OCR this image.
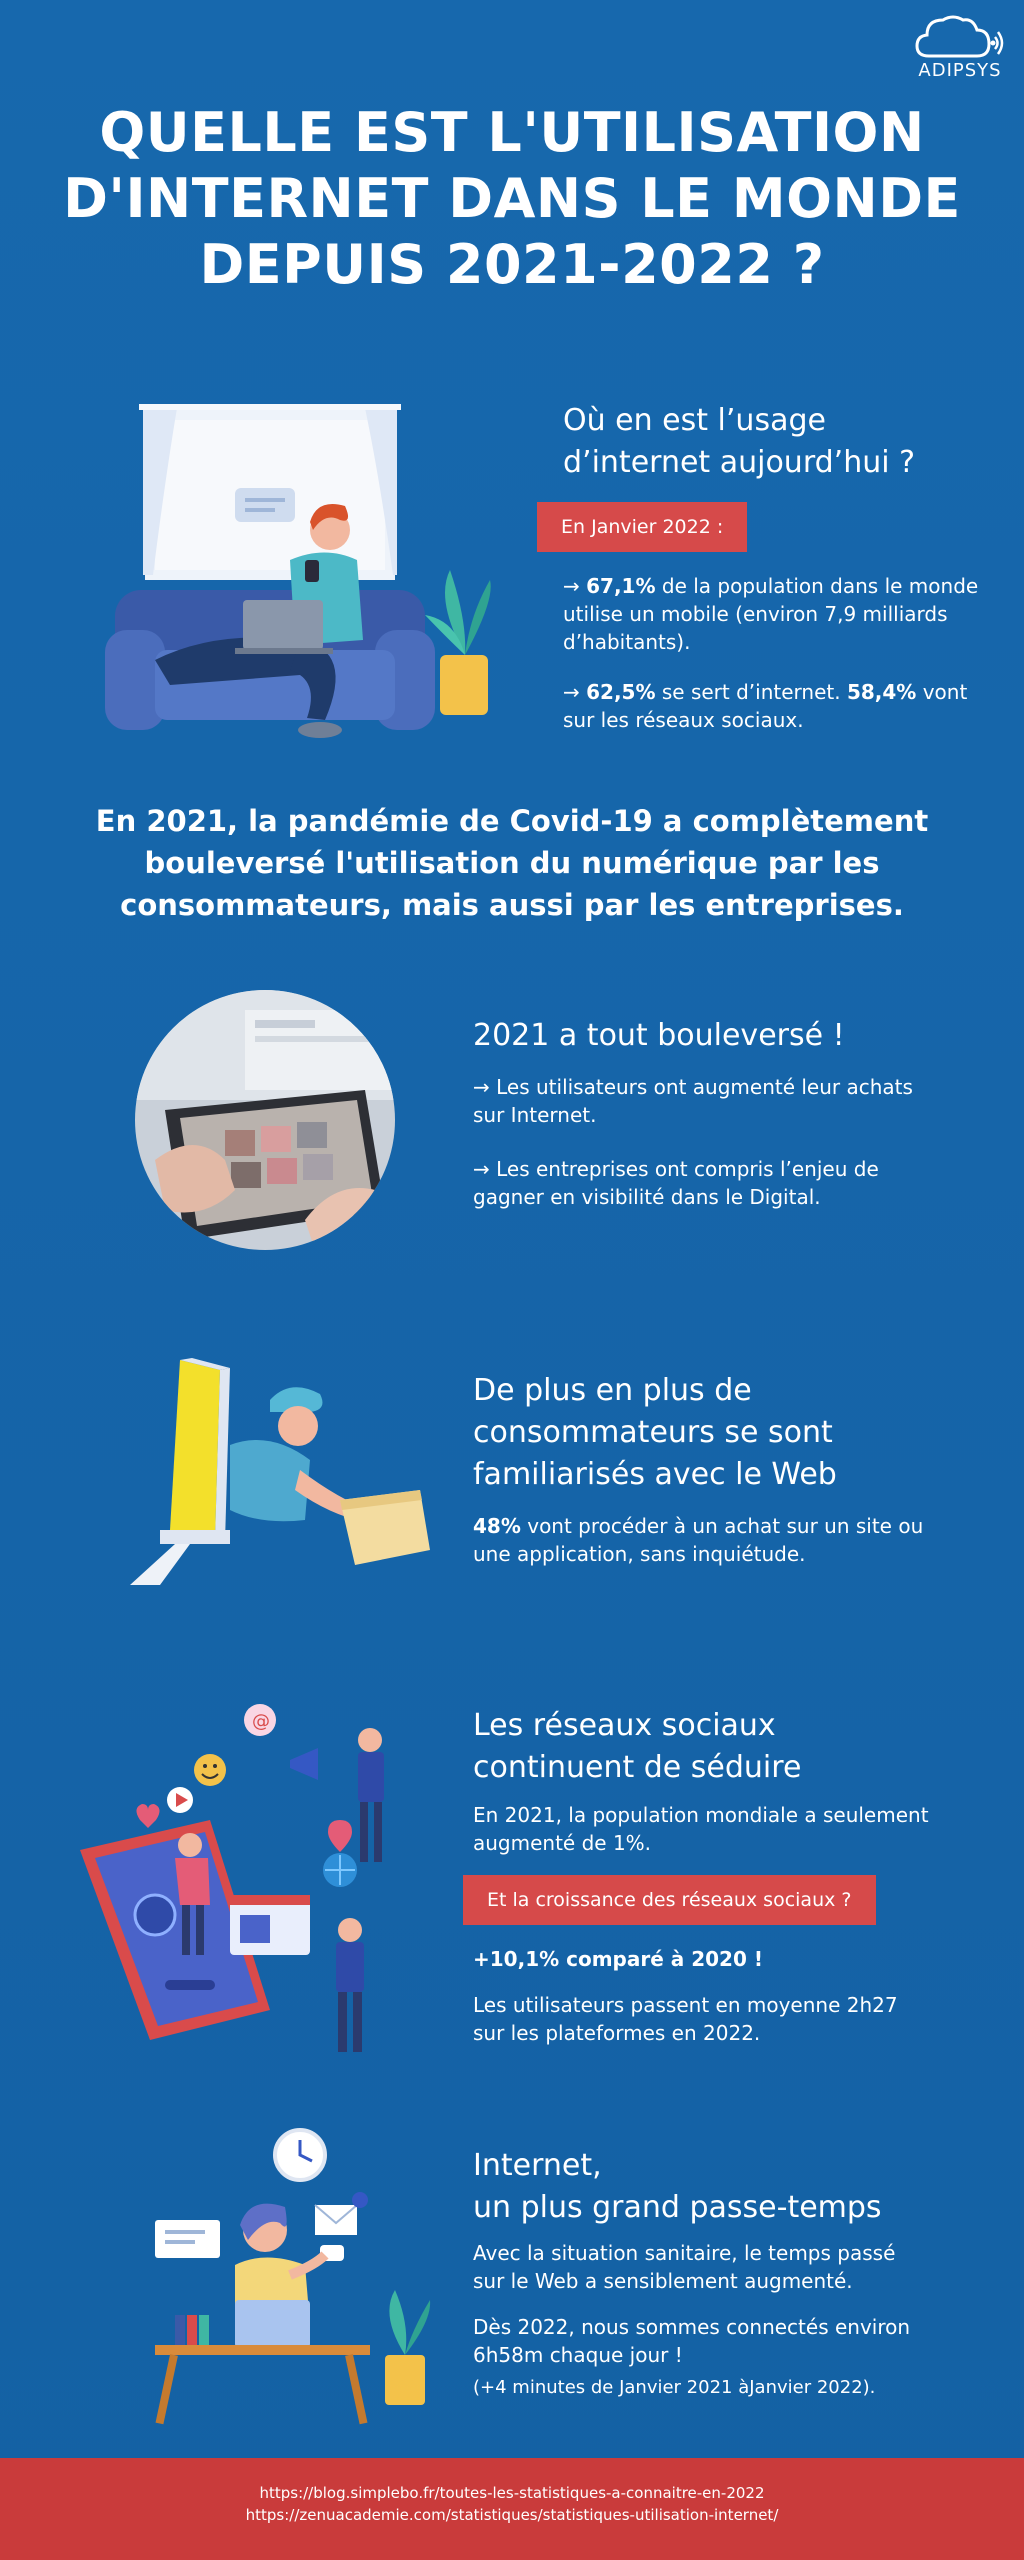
ADIPSYS
QUELLE EST L'UTILISATION
D'INTERNET DANS LE MONDE
DEPUIS 2021-2022 ?
Où en est l’usage
d’internet aujourd’hui ?
En Janvier 2022 :

→ 67,1% de la population dans le monde utilise un mobile (environ 7,9 milliards d’habitants).

→ 62,5% se sert d’internet. 58,4% vont sur les réseaux sociaux.

En 2021, la pandémie de Covid-19 a complètement bouleversé l'utilisation du numérique par les consommateurs, mais aussi par les entreprises.
2021 a tout bouleversé !

→ Les utilisateurs ont augmenté leur achats sur Internet.

→ Les entreprises ont compris l’enjeu de gagner en visibilité dans le Digital.

De plus en plus de
consommateurs se sont
familiarisés avec le Web

48% vont procéder à un achat sur un site ou une application, sans inquiétude.

@	Les réseaux sociaux
continuent de séduire

En 2021, la population mondiale a seulement augmenté de 1%.

Et la croissance des réseaux sociaux ?

+10,1% comparé à 2020 !

Les utilisateurs passent en moyenne 2h27 sur les plateformes en 2022.

Internet,
un plus grand passe-temps

Avec la situation sanitaire, le temps passé sur le Web a sensiblement augmenté.

Dès 2022, nous sommes connectés environ 6h58m chaque jour !

(+4 minutes de Janvier 2021 àJanvier 2022).

https://blog.simplebo.fr/toutes-les-statistiques-a-connaitre-en-2022
https://zenuacademie.com/statistiques/statistiques-utilisation-internet/
